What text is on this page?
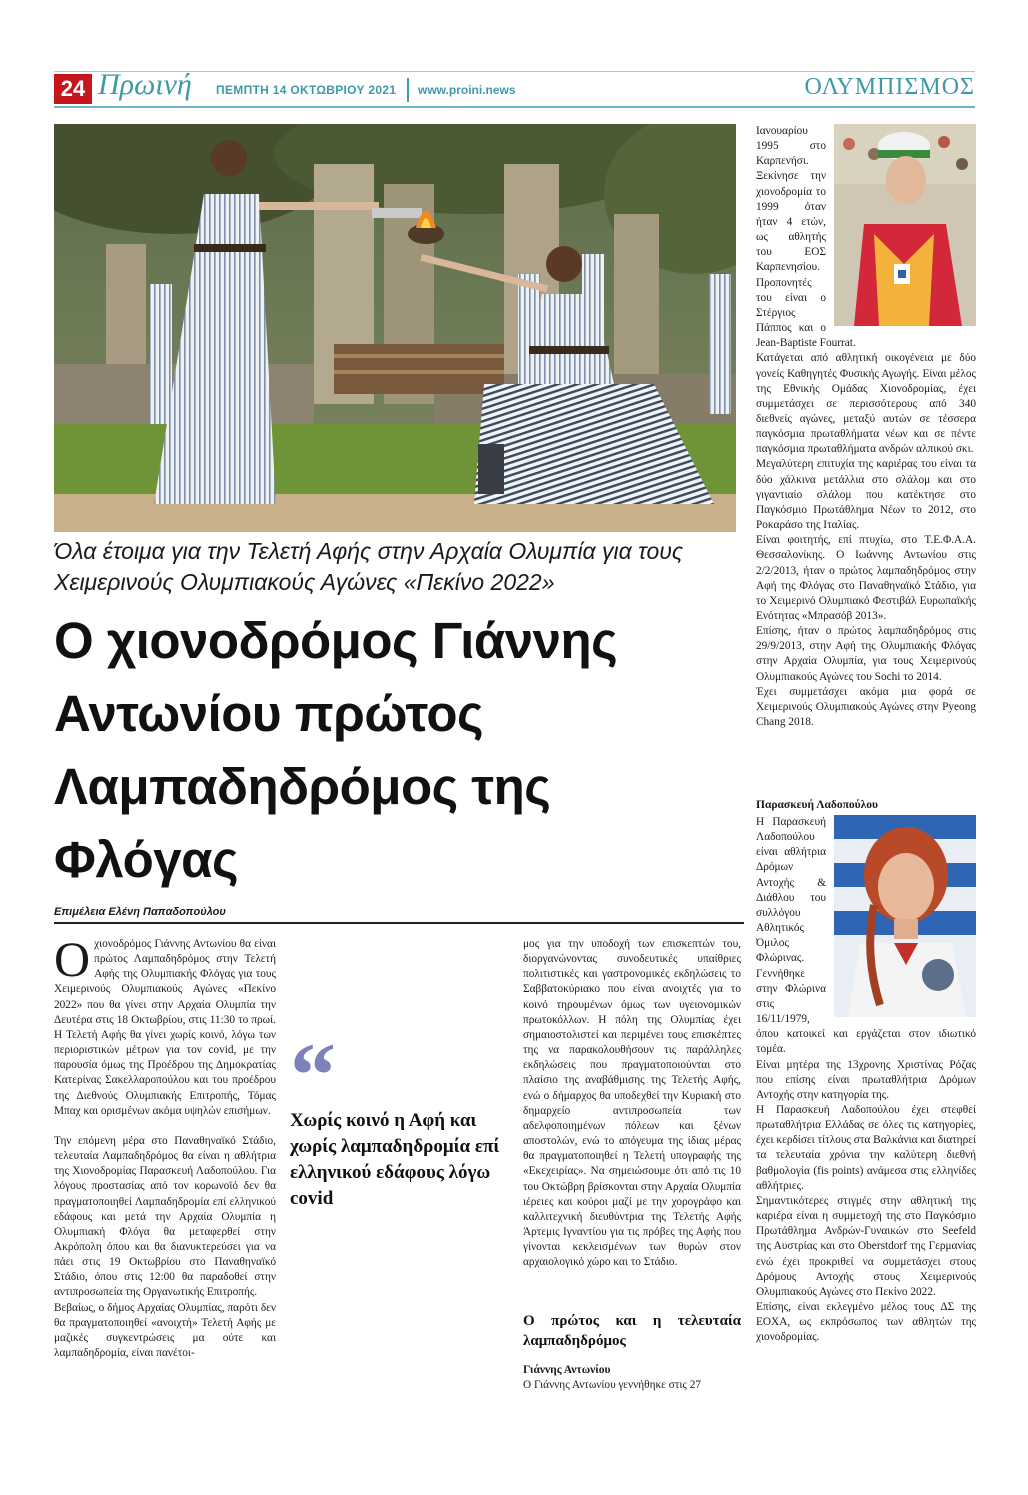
24 Πρωινή ΠΕΜΠΤΗ 14 ΟΚΤΩΒΡΙΟΥ 2021 www.proini.news	ΟΛΥΜΠΙΣΜΟΣ
Όλα έτοιμα για την Τελετή Αφής στην Αρχαία Ολυμπία για τους Χειμερινούς Ολυμπιακούς Αγώνες «Πεκίνο 2022»
Ο χιονοδρόμος Γιάννης Αντωνίου πρώτος Λαμπαδηδρόμος της Φλόγας
Επιμέλεια Ελένη Παπαδοπούλου

Οχιονοδρόμος Γιάννης Αντωνίου θα είναι πρώτος Λαμπαδηδρόμος στην Τελετή Αφής της Ολυμπιακής Φλόγας για τους Χειμερινούς Ολυμπιακούς Αγώνες «Πεκίνο 2022» που θα γίνει στην Αρχαία Ολυμπία την Δευτέρα στις 18 Οκτωβρίου, στις 11:30 το πρωί. Η Τελετή Αφής θα γίνει χωρίς κοινό, λόγω των περιοριστικών μέτρων για τον covid, με την παρουσία όμως της Προέδρου της Δημοκρατίας Κατερίνας Σακελλαροπούλου και του προέδρου της Διεθνούς Ολυμπιακής Επιτροπής, Τόμας Μπαχ και ορισμένων ακόμα υψηλών επισήμων.

Την επόμενη μέρα στο Παναθηναϊκό Στάδιο, τελευταία Λαμπαδηδρόμος θα είναι η αθλήτρια της Χιονοδρομίας Παρασκευή Λαδοπούλου. Για λόγους προστασίας από τον κορωνοϊό δεν θα πραγματοποιηθεί Λαμπαδηδρομία επί ελληνικού εδάφους και μετά την Αρχαία Ολυμπία η Ολυμπιακή Φλόγα θα μεταφερθεί στην Ακρόπολη όπου και θα διανυκτερεύσει για να πάει στις 19 Οκτωβρίου στο Παναθηναϊκό Στάδιο, όπου στις 12:00 θα παραδοθεί στην αντιπροσωπεία της Οργανωτικής Επιτροπής.

Βεβαίως, ο δήμος Αρχαίας Ολυμπίας, παρότι δεν θα πραγματοποιηθεί «ανοιχτή» Τελετή Αφής με μαζικές συγκεντρώσεις μα ούτε και λαμπαδηδρομία, είναι πανέτοι-

“
Χωρίς κοινό η Αφή και χωρίς λαμπαδηδρομία επί ελληνικού εδάφους λόγω covid

μος για την υποδοχή των επισκεπτών του, διοργανώνοντας συνοδευτικές υπαίθριες πολιτιστικές και γαστρονομικές εκδηλώσεις το Σαββατοκύριακο που είναι ανοιχτές για το κοινό τηρουμένων όμως των υγειονομικών πρωτοκόλλων. Η πόλη της Ολυμπίας έχει σημαιοστολιστεί και περιμένει τους επισκέπτες της να παρακολουθήσουν τις παράλληλες εκδηλώσεις που πραγματοποιούνται στο πλαίσιο της αναβάθμισης της Τελετής Αφής, ενώ ο δήμαρχος θα υποδεχθεί την Κυριακή στο δημαρχείο αντιπροσωπεία των αδελφοποιημένων πόλεων και ξένων αποστολών, ενώ το απόγευμα της ίδιας μέρας θα πραγματοποιηθεί η Τελετή υπογραφής της «Εκεχειρίας». Να σημειώσουμε ότι από τις 10 του Οκτώβρη βρίσκονται στην Αρχαία Ολυμπία ιέρειες και κούροι μαζί με την χορογράφο και καλλιτεχνική διευθύντρια της Τελετής Αφής Άρτεμις Ιγναντίου για τις πρόβες της Αφής που γίνονται κεκλεισμένων των θυρών στον αρχαιολογικό χώρο και το Στάδιο.

Ο πρώτος και η τελευταία λαμπαδηδρόμος
Γιάννης Αντωνίου

Ο Γιάννης Αντωνίου γεννήθηκε στις 27

Ιανουαρίου 1995 στο Καρπενήσι. Ξεκίνησε την χιονοδρομία το 1999 όταν ήταν 4 ετών, ως αθλητής του ΕΟΣ Καρπενησίου. Προπονητές του είναι ο Στέργιος Πάππος και ο Jean-Baptiste Fourrat.

Κατάγεται από αθλητική οικογένεια με δύο γονείς Καθηγητές Φυσικής Αγωγής. Είναι μέλος της Εθνικής Ομάδας Χιονοδρομίας, έχει συμμετάσχει σε περισσότερους από 340 διεθνείς αγώνες, μεταξύ αυτών σε τέσσερα παγκόσμια πρωταθλήματα νέων και σε πέντε παγκόσμια πρωταθλήματα ανδρών αλπικού σκι.

Μεγαλύτερη επιτυχία της καριέρας του είναι τα δύο χάλκινα μετάλλια στο σλάλομ και στο γιγαντιαίο σλάλομ που κατέκτησε στο Παγκόσμιο Πρωτάθλημα Νέων το 2012, στο Ροκαράσο της Ιταλίας.

Είναι φοιτητής, επί πτυχίω, στο Τ.Ε.Φ.Α.Α. Θεσσαλονίκης. Ο Ιωάννης Αντωνίου στις 2/2/2013, ήταν ο πρώτος λαμπαδηδρόμος στην Αφή της Φλόγας στο Παναθηναϊκό Στάδιο, για το Χειμερινό Ολυμπιακό Φεστιβάλ Ευρωπαϊκής Ενότητας «Μπρασόβ 2013».

Επίσης, ήταν ο πρώτος λαμπαδηδρόμος στις 29/9/2013, στην Αφή της Ολυμπιακής Φλόγας στην Αρχαία Ολυμπία, για τους Χειμερινούς Ολυμπιακούς Αγώνες του Sochi το 2014.

Έχει συμμετάσχει ακόμα μια φορά σε Χειμερινούς Ολυμπιακούς Αγώνες στην Pyeong Chang 2018.

Παρασκευή Λαδοπούλου

Η Παρασκευή Λαδοπούλου είναι αθλήτρια Δρόμων Αντοχής & Διάθλου του συλλόγου Αθλητικός Όμιλος Φλώρινας. Γεννήθηκε στην Φλώρινα στις 16/11/1979, όπου κατοικεί και εργάζεται στον ιδιωτικό τομέα.

Είναι μητέρα της 13χρονης Χριστίνας Ρόζας που επίσης είναι πρωταθλήτρια Δρόμων Αντοχής στην κατηγορία της.

Η Παρασκευή Λαδοπούλου έχει στεφθεί πρωταθλήτρια Ελλάδας σε όλες τις κατηγορίες, έχει κερδίσει τίτλους στα Βαλκάνια και διατηρεί τα τελευταία χρόνια την καλύτερη διεθνή βαθμολογία (fis points) ανάμεσα στις ελληνίδες αθλήτριες.

Σημαντικότερες στιγμές στην αθλητική της καριέρα είναι η συμμετοχή της στο Παγκόσμιο Πρωτάθλημα Ανδρών-Γυναικών στο Seefeld της Αυστρίας και στο Oberstdorf της Γερμανίας ενώ έχει προκριθεί να συμμετάσχει στους Δρόμους Αντοχής στους Χειμερινούς Ολυμπιακούς Αγώνες στο Πεκίνο 2022.

Επίσης, είναι εκλεγμένο μέλος τους ΔΣ της ΕΟΧΑ, ως εκπρόσωπος των αθλητών της χιονοδρομίας.
